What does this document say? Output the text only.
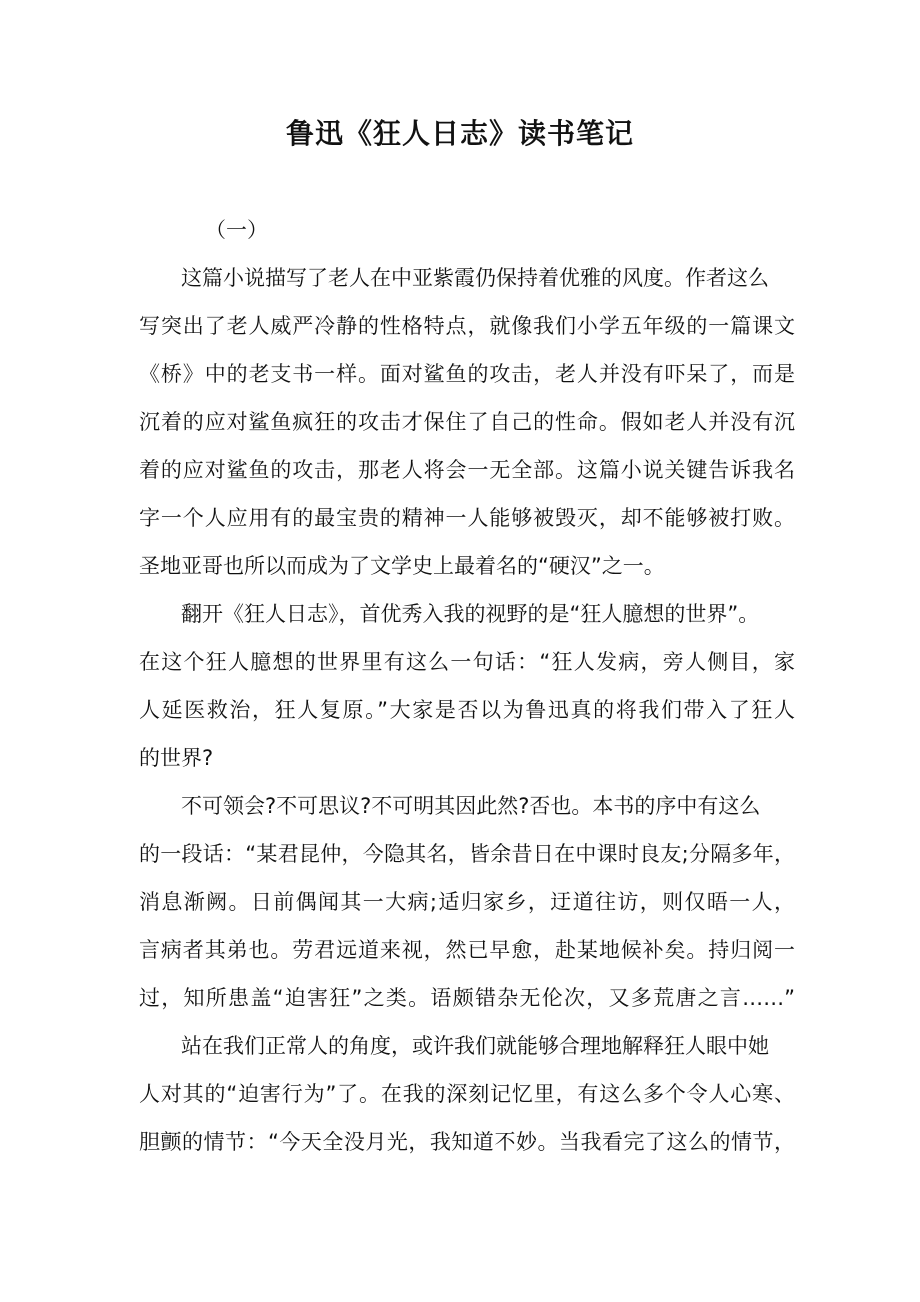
鲁迅《狂人日志》读书笔记

（一）

这篇小说描写了老人在中亚紫霞仍保持着优雅的风度。作者这么

写突出了老人威严冷静的性格特点，就像我们小学五年级的一篇课文

《桥》中的老支书一样。面对鲨鱼的攻击，老人并没有吓呆了，而是

沉着的应对鲨鱼疯狂的攻击才保住了自己的性命。假如老人并没有沉

着的应对鲨鱼的攻击，那老人将会一无全部。这篇小说关键告诉我名

字一个人应用有的最宝贵的精神一人能够被毁灭，却不能够被打败。

圣地亚哥也所以而成为了文学史上最着名的“硬汉”之一。

翻开《狂人日志》，首优秀入我的视野的是“狂人臆想的世界”。

在这个狂人臆想的世界里有这么一句话：“狂人发病，旁人侧目，家

人延医救治，狂人复原。”大家是否以为鲁迅真的将我们带入了狂人

的世界?

不可领会?不可思议?不可明其因此然?否也。本书的序中有这么

的一段话：“某君昆仲，今隐其名，皆余昔日在中课时良友;分隔多年，

消息渐阙。日前偶闻其一大病;适归家乡，迂道往访，则仅晤一人，

言病者其弟也。劳君远道来视，然已早愈，赴某地候补矣。持归阅一

过，知所患盖“迫害狂”之类。语颇错杂无伦次，又多荒唐之言……”

站在我们正常人的角度，或许我们就能够合理地解释狂人眼中她

人对其的“迫害行为”了。在我的深刻记忆里，有这么多个令人心寒、

胆颤的情节：“今天全没月光，我知道不妙。当我看完了这么的情节，
